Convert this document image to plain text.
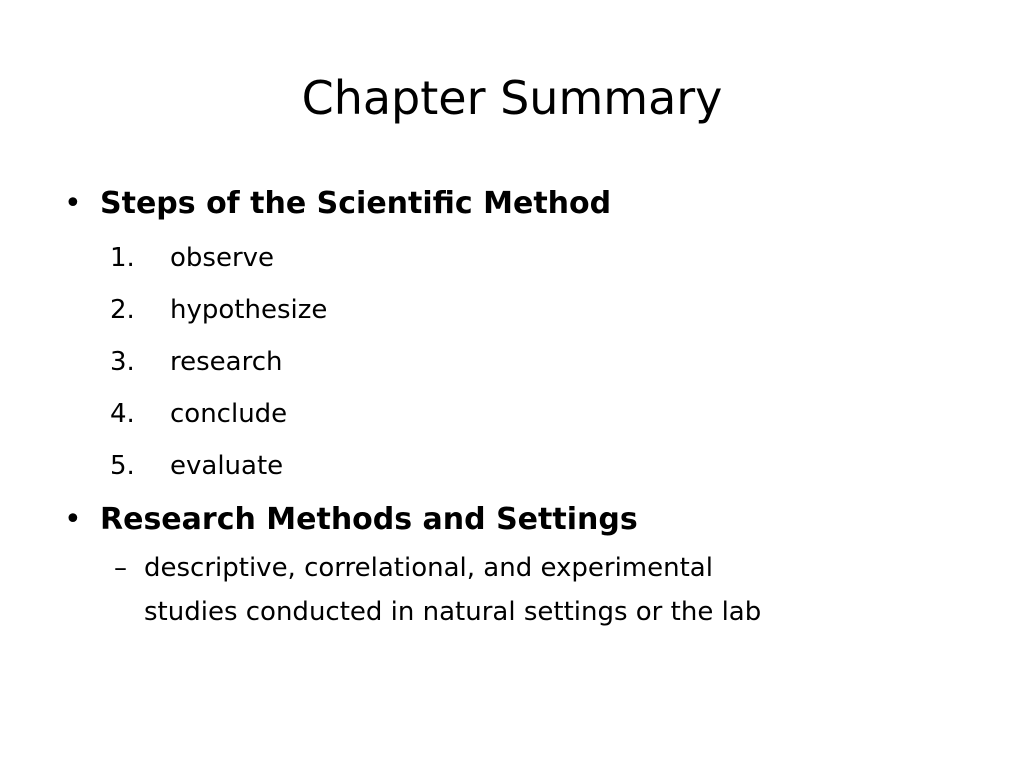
Chapter Summary
• Steps of the Scientific Method
1. observe
2. hypothesize
3. research
4. conclude
5. evaluate
• Research Methods and Settings
– descriptive, correlational, and experimental
studies conducted in natural settings or the lab
